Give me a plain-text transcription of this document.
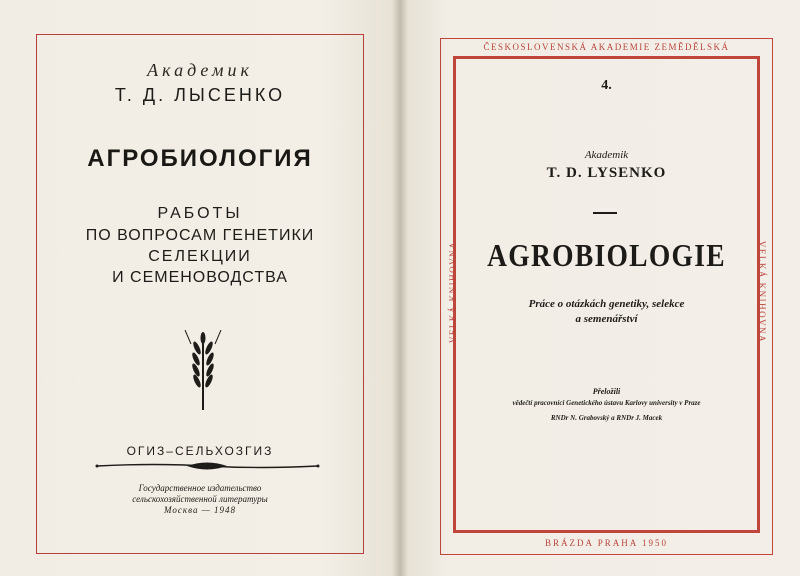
Академик
Т. Д. ЛЫСЕНКО
АГРОБИОЛОГИЯ
РАБОТЫ
ПО ВОПРОСАМ ГЕНЕТИКИ
СЕЛЕКЦИИ
И СЕМЕНОВОДСТВА
ОГИЗ–СЕЛЬХОЗГИЗ
Государственное издательство
сельскохозяйственной литературы
Москва — 1948
ČESKOSLOVENSKÁ AKADEMIE ZEMĚDĚLSKÁ
VELKÁ KNIHOVNA	VELKÁ KNIHOVNA
BRÁZDA PRAHA 1950
4.
Akademik
T. D. LYSENKO
AGROBIOLOGIE
Práce o otázkách genetiky, selekce
a semenářství
Přeložili
vědečtí pracovníci Genetického ústavu Karlovy university v Praze
RNDr N. Grabovský a RNDr J. Macek
